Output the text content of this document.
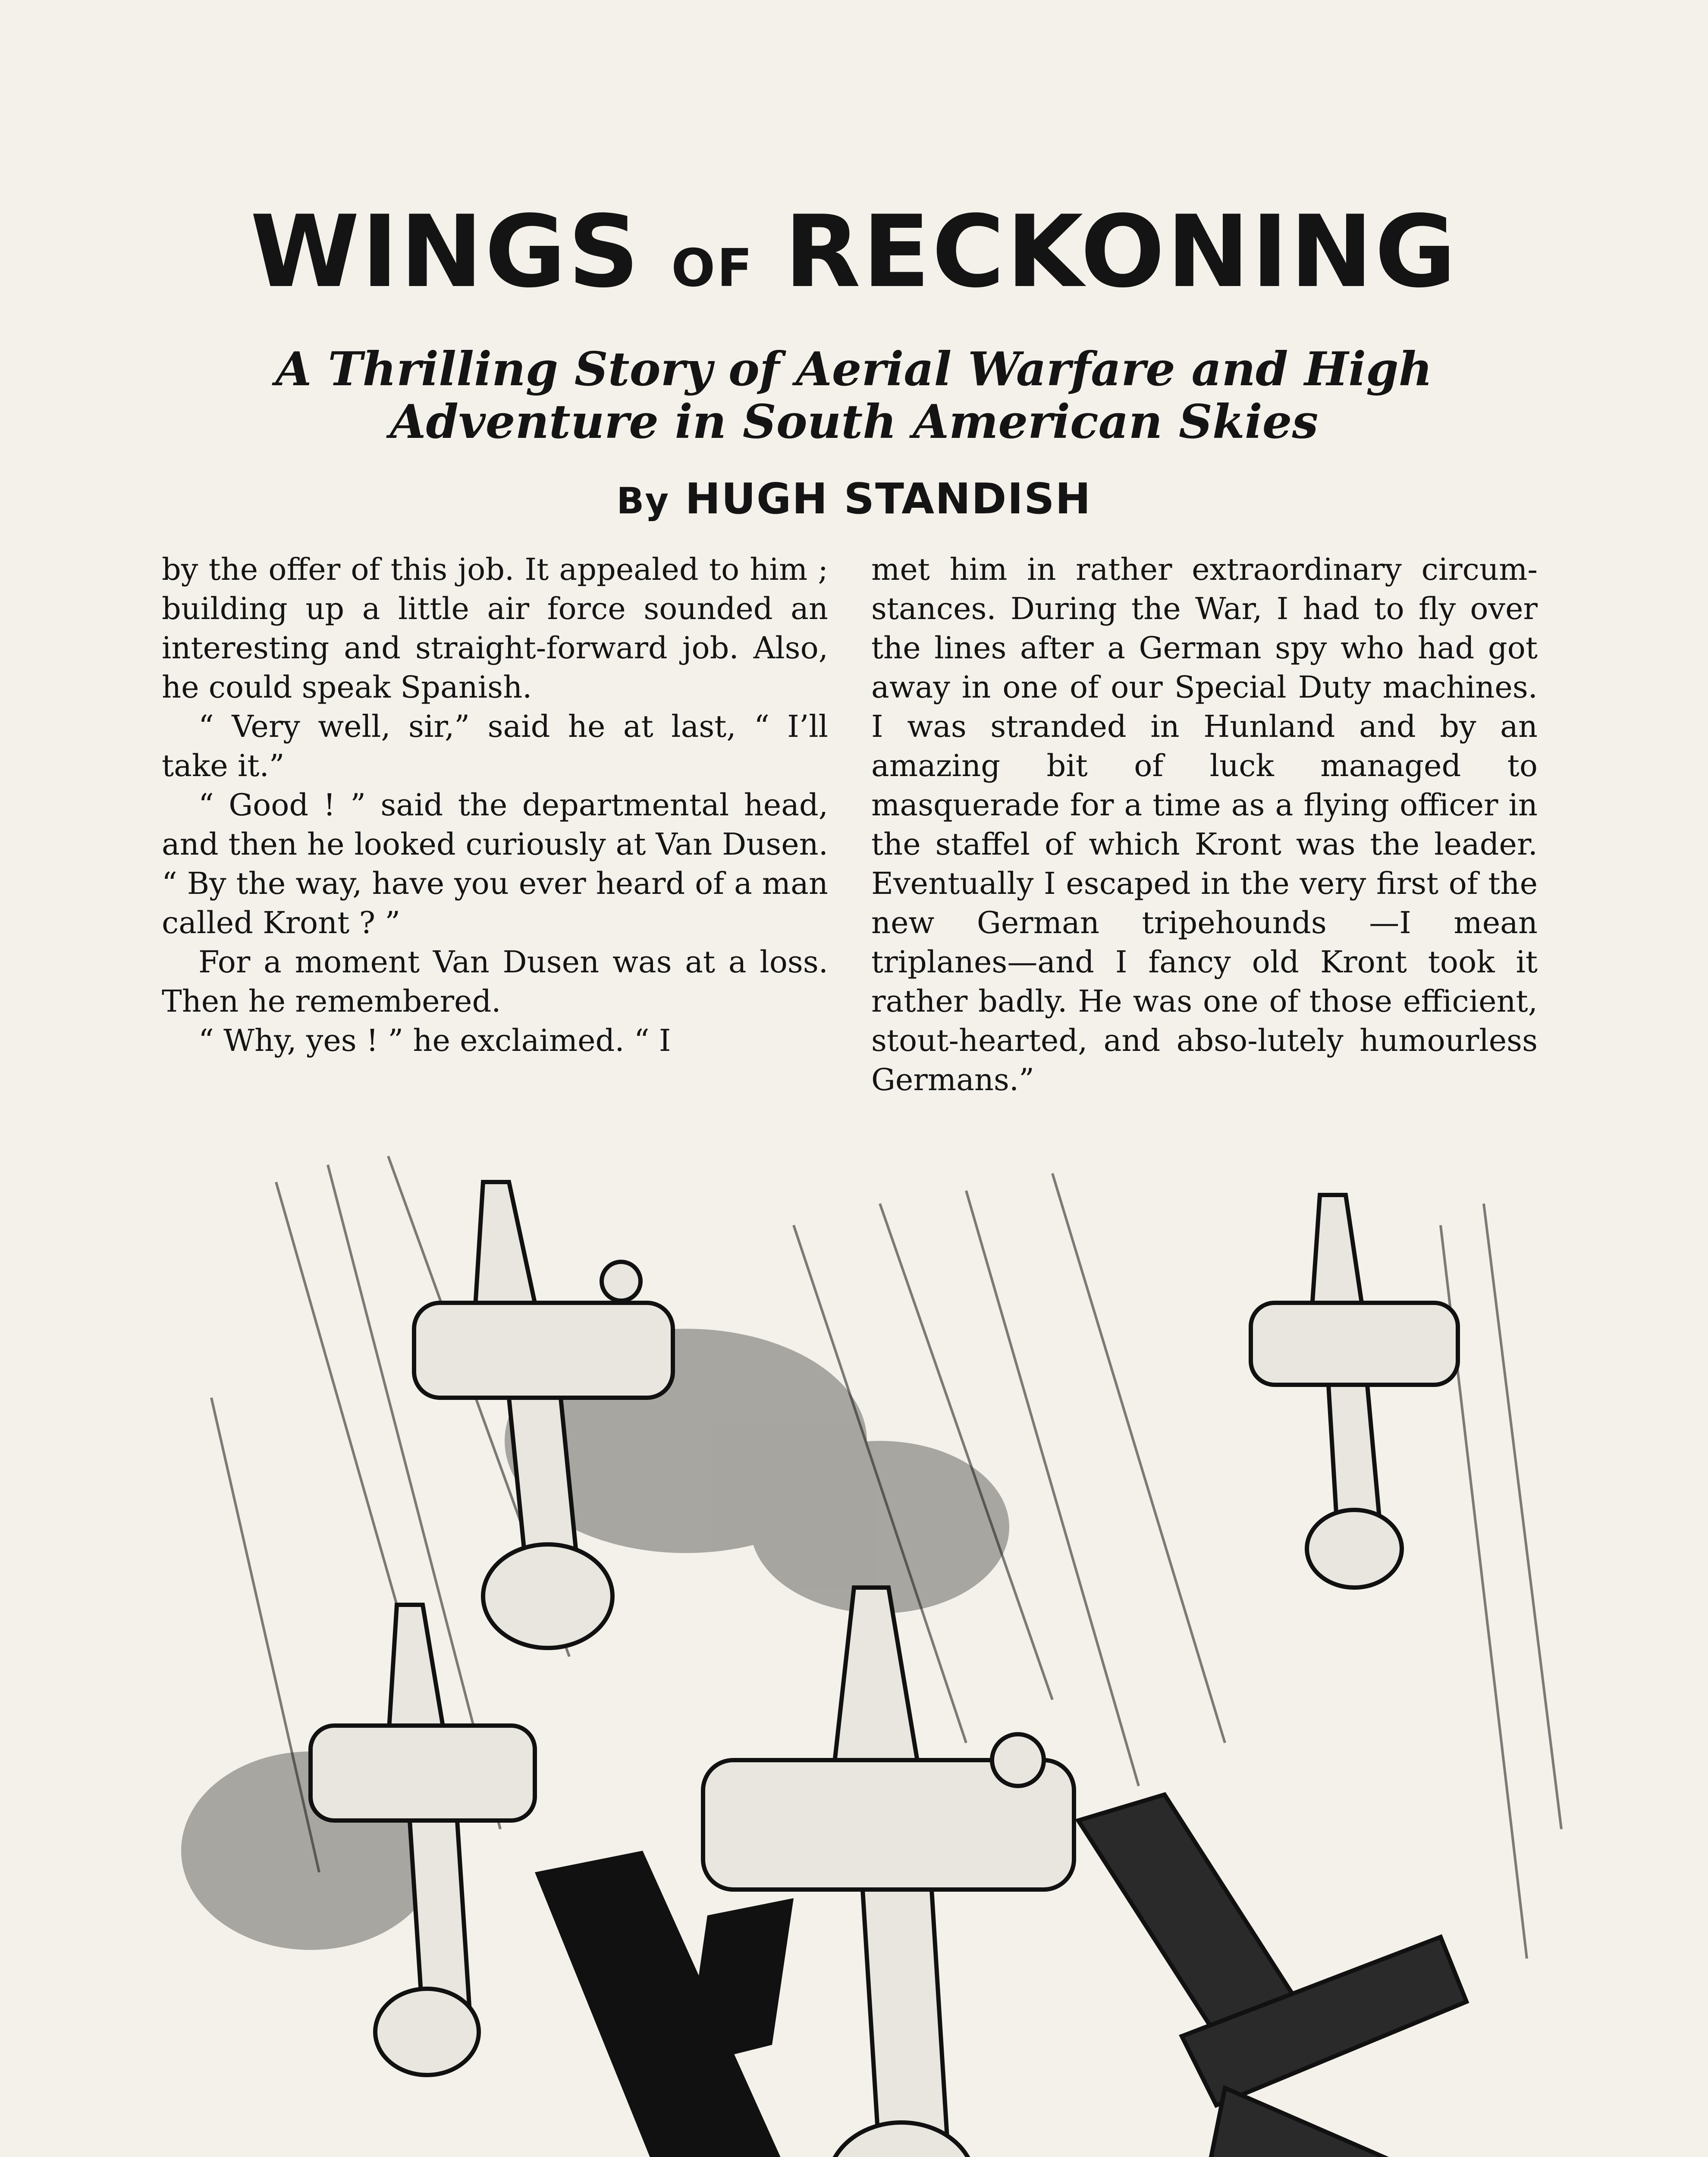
WINGS OF RECKONING
A Thrilling Story of Aerial Warfare and High
Adventure in South American Skies
By HUGH STANDISH

by the offer of this job. It appealed to him ; building up a little air force sounded an interesting and straight-forward job. Also, he could speak Spanish.

“ Very well, sir,” said he at last, “ I’ll take it.”

“ Good ! ” said the departmental head, and then he looked curiously at Van Dusen. “ By the way, have you ever heard of a man called Kront ? ”

For a moment Van Dusen was at a loss. Then he remembered.

“ Why, yes ! ” he exclaimed. “ I

met him in rather extraordinary circum-stances. During the War, I had to fly over the lines after a German spy who had got away in one of our Special Duty machines. I was stranded in Hunland and by an amazing bit of luck managed to masquerade for a time as a flying officer in the staffel of which Kront was the leader. Eventually I escaped in the very first of the new German tripehounds —I mean triplanes—and I fancy old Kront took it rather badly. He was one of those efficient, stout-hearted, and abso-lutely humourless Germans.”
